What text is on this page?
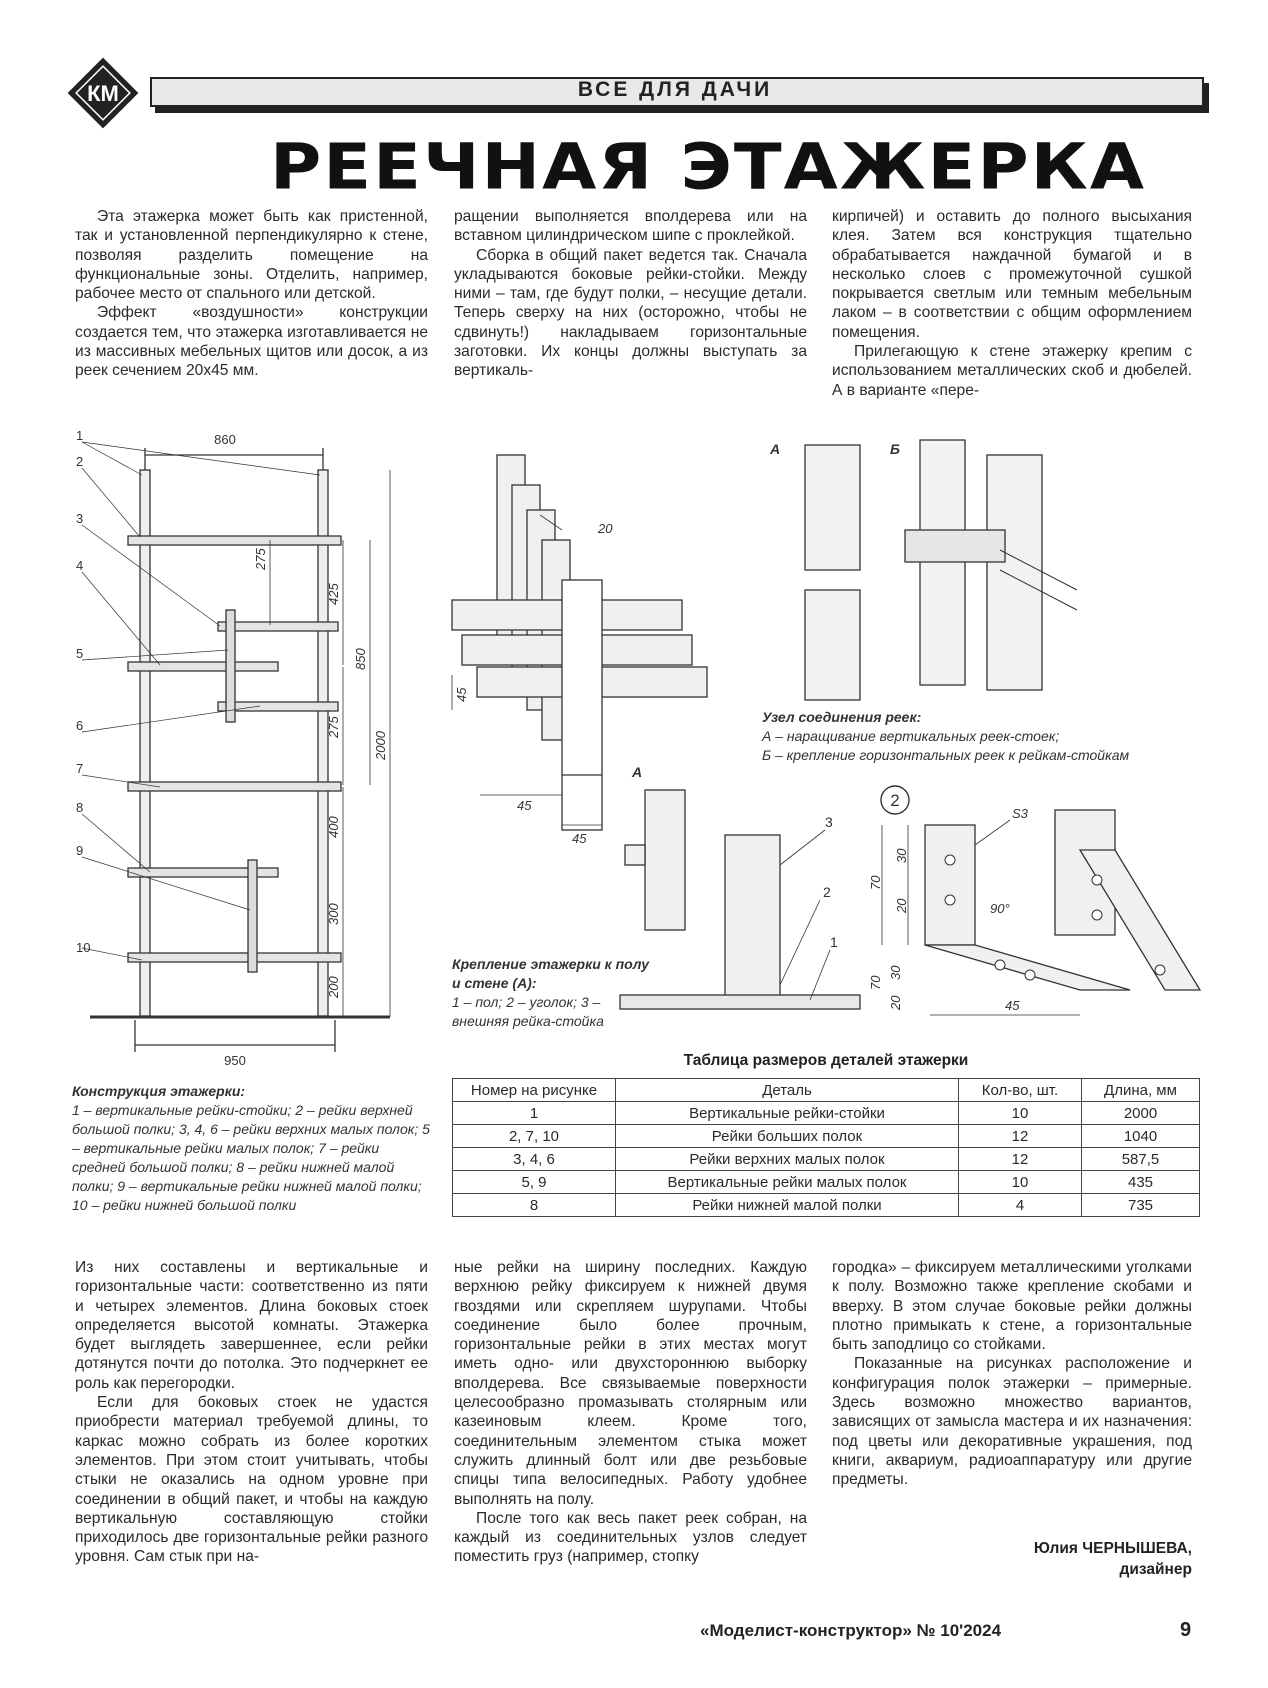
КМ	ВСЕ ДЛЯ ДАЧИ
РЕЕЧНАЯ ЭТАЖЕРКА

Эта этажерка может быть как пристенной, так и установленной перпендикулярно к стене, позволяя разделить помещение на функциональные зоны. Отделить, например, рабочее место от спального или детской.

Эффект «воздушности» конструкции создается тем, что этажерка изготавливается не из массивных мебельных щитов или досок, а из реек сечением 20х45 мм.

ращении выполняется вполдерева или на вставном цилиндрическом шипе с проклейкой.

Сборка в общий пакет ведется так. Сначала укладываются боковые рейки-стойки. Между ними – там, где будут полки, – несущие детали. Теперь сверху на них (осторожно, чтобы не сдвинуть!) накладываем горизонтальные заготовки. Их концы должны выступать за вертикаль-

кирпичей) и оставить до полного высыхания клея. Затем вся конструкция тщательно обрабатывается наждачной бумагой и в несколько слоев с промежуточной сушкой покрывается светлым или темным мебельным лаком – в соответствии с общим оформлением помещения.

Прилегающую к стене этажерку крепим с использованием металлических скоб и дюбелей. А в варианте «пере-

860
950
275
425
850
275
2000
400
300
200
1
2
3
4
5
6
7
8
9
10
Конструкция этажерки:
1 – вертикальные рейки-стойки; 2 – рейки верхней большой полки; 3, 4, 6 – рейки верхних малых полок; 5 – вертикальные рейки малых полок; 7 – рейки средней большой полки; 8 – рейки нижней малой полки; 9 – вертикальные рейки нижней малой полки; 10 – рейки нижней большой полки
20
45
45
45
А	Б
Узел соединения реек:
А – наращивание вертикальных реек-стоек;
Б – крепление горизонтальных реек к рейкам-стойкам
А
3
2
1
Крепление этажерки к полу и стене (А):
1 – пол; 2 – уголок; 3 – внешняя рейка-стойка
2
S3
90°
70
30
20
70
30
20	45
Таблица размеров деталей этажерки
Номер на рисунке	Деталь	Кол-во, шт.	Длина, мм
1	Вертикальные рейки-стойки	10	2000
2, 7, 10	Рейки больших полок	12	1040
3, 4, 6	Рейки верхних малых полок	12	587,5
5, 9	Вертикальные рейки малых полок	10	435
8	Рейки нижней малой полки	4	735

Из них составлены и вертикальные и горизонтальные части: соответственно из пяти и четырех элементов. Длина боковых стоек определяется высотой комнаты. Этажерка будет выглядеть завершеннее, если рейки дотянутся почти до потолка. Это подчеркнет ее роль как перегородки.

Если для боковых стоек не удастся приобрести материал требуемой длины, то каркас можно собрать из более коротких элементов. При этом стоит учитывать, чтобы стыки не оказались на одном уровне при соединении в общий пакет, и чтобы на каждую вертикальную составляющую стойки приходилось две горизонтальные рейки разного уровня. Сам стык при на-

ные рейки на ширину последних. Каждую верхнюю рейку фиксируем к нижней двумя гвоздями или скрепляем шурупами. Чтобы соединение было более прочным, горизонтальные рейки в этих местах могут иметь одно- или двухстороннюю выборку вполдерева. Все связываемые поверхности целесообразно промазывать столярным или казеиновым клеем. Кроме того, соединительным элементом стыка может служить длинный болт или две резьбовые спицы типа велосипедных. Работу удобнее выполнять на полу.

После того как весь пакет реек собран, на каждый из соединительных узлов следует поместить груз (например, стопку

городка» – фиксируем металлическими уголками к полу. Возможно также крепление скобами и вверху. В этом случае боковые рейки должны плотно примыкать к стене, а горизонтальные быть заподлицо со стойками.

Показанные на рисунках расположение и конфигурация полок этажерки – примерные. Здесь возможно множество вариантов, зависящих от замысла мастера и их назначения: под цветы или декоративные украшения, под книги, аквариум, радиоаппаратуру или другие предметы.

Юлия ЧЕРНЫШЕВА,
дизайнер
«Моделист-конструктор» № 10'2024	9
